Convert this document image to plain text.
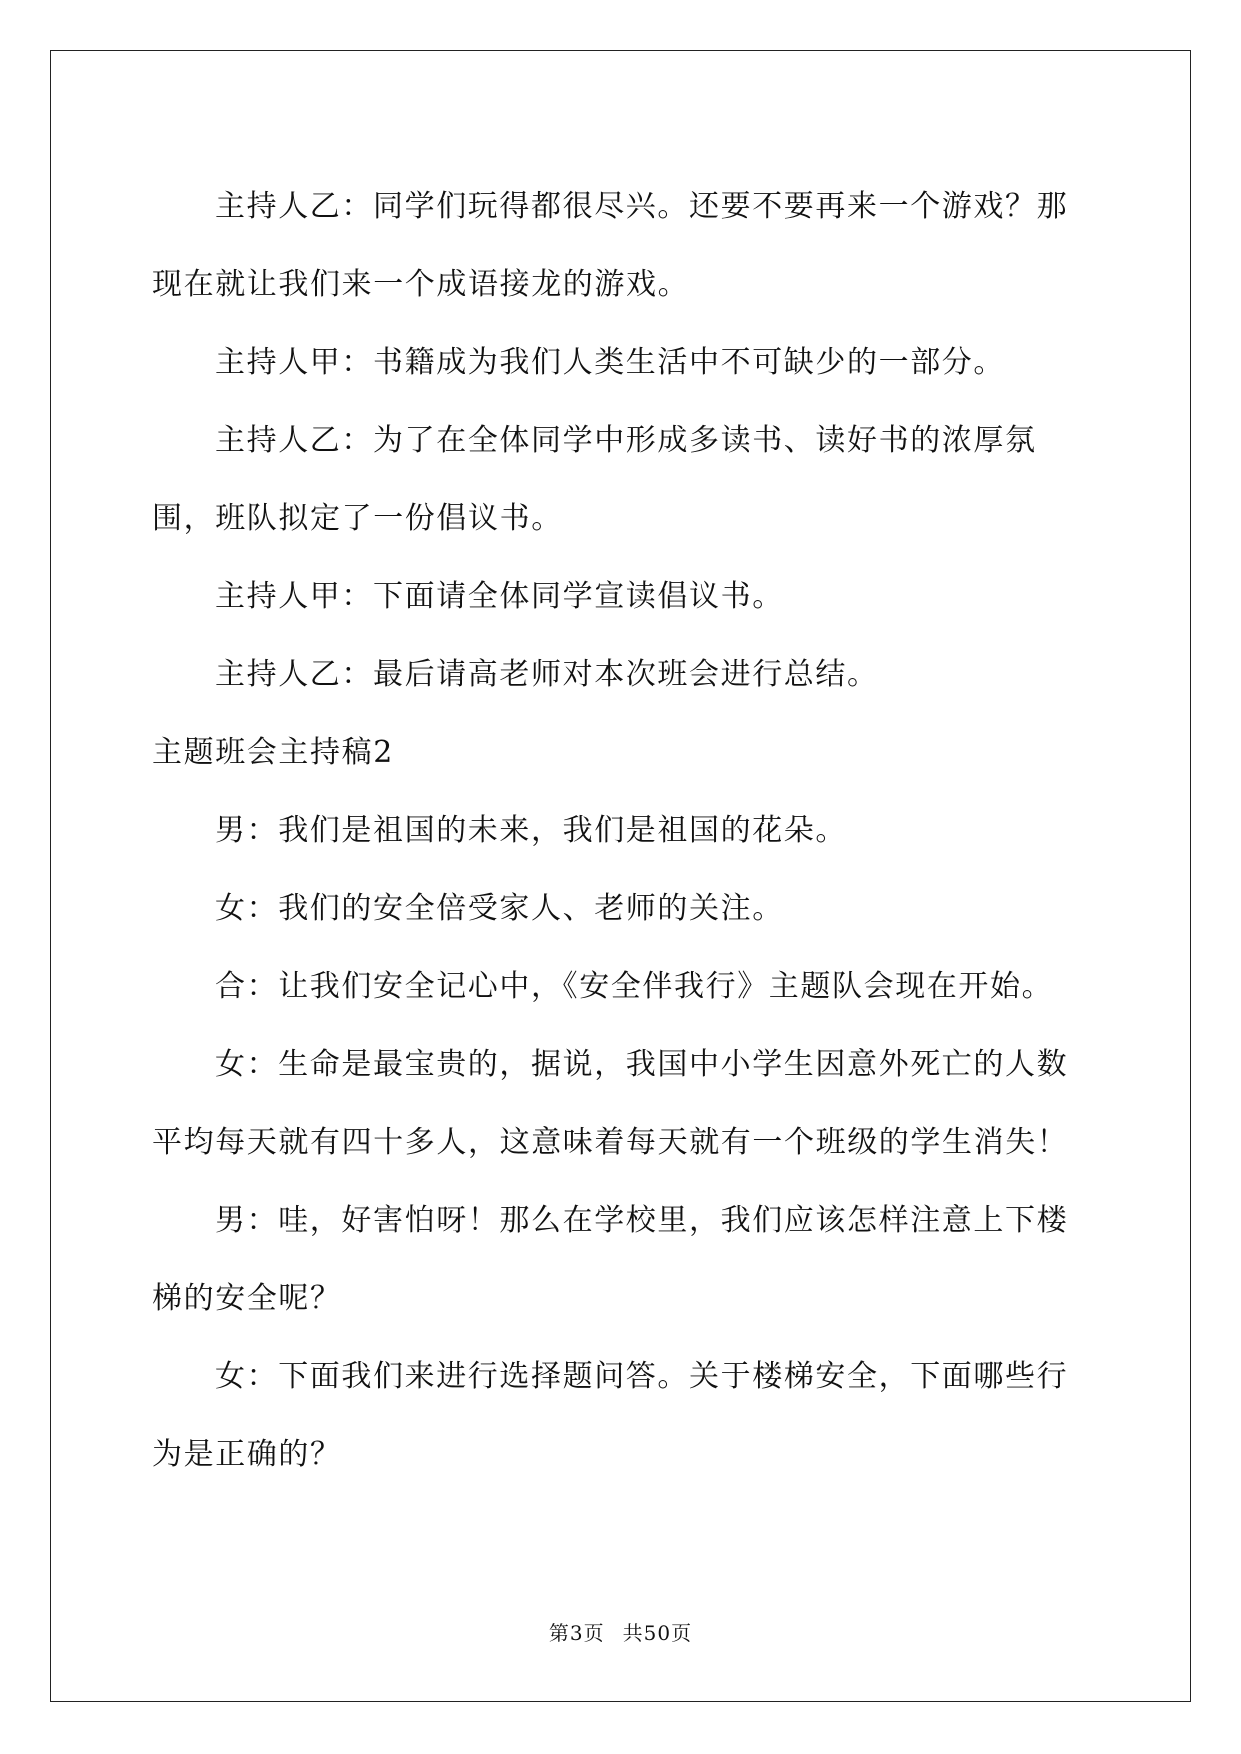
主持人乙：同学们玩得都很尽兴。还要不要再来一个游戏？那现在就让我们来一个成语接龙的游戏。

主持人甲：书籍成为我们人类生活中不可缺少的一部分。

主持人乙：为了在全体同学中形成多读书、读好书的浓厚氛围，班队拟定了一份倡议书。

主持人甲：下面请全体同学宣读倡议书。

主持人乙：最后请高老师对本次班会进行总结。

主题班会主持稿2

男：我们是祖国的未来，我们是祖国的花朵。

女：我们的安全倍受家人、老师的关注。

合：让我们安全记心中，《安全伴我行》主题队会现在开始。

女：生命是最宝贵的，据说，我国中小学生因意外死亡的人数平均每天就有四十多人，这意味着每天就有一个班级的学生消失！

男：哇，好害怕呀！那么在学校里，我们应该怎样注意上下楼梯的安全呢？

女：下面我们来进行选择题问答。关于楼梯安全，下面哪些行为是正确的？

第3页 共50页
